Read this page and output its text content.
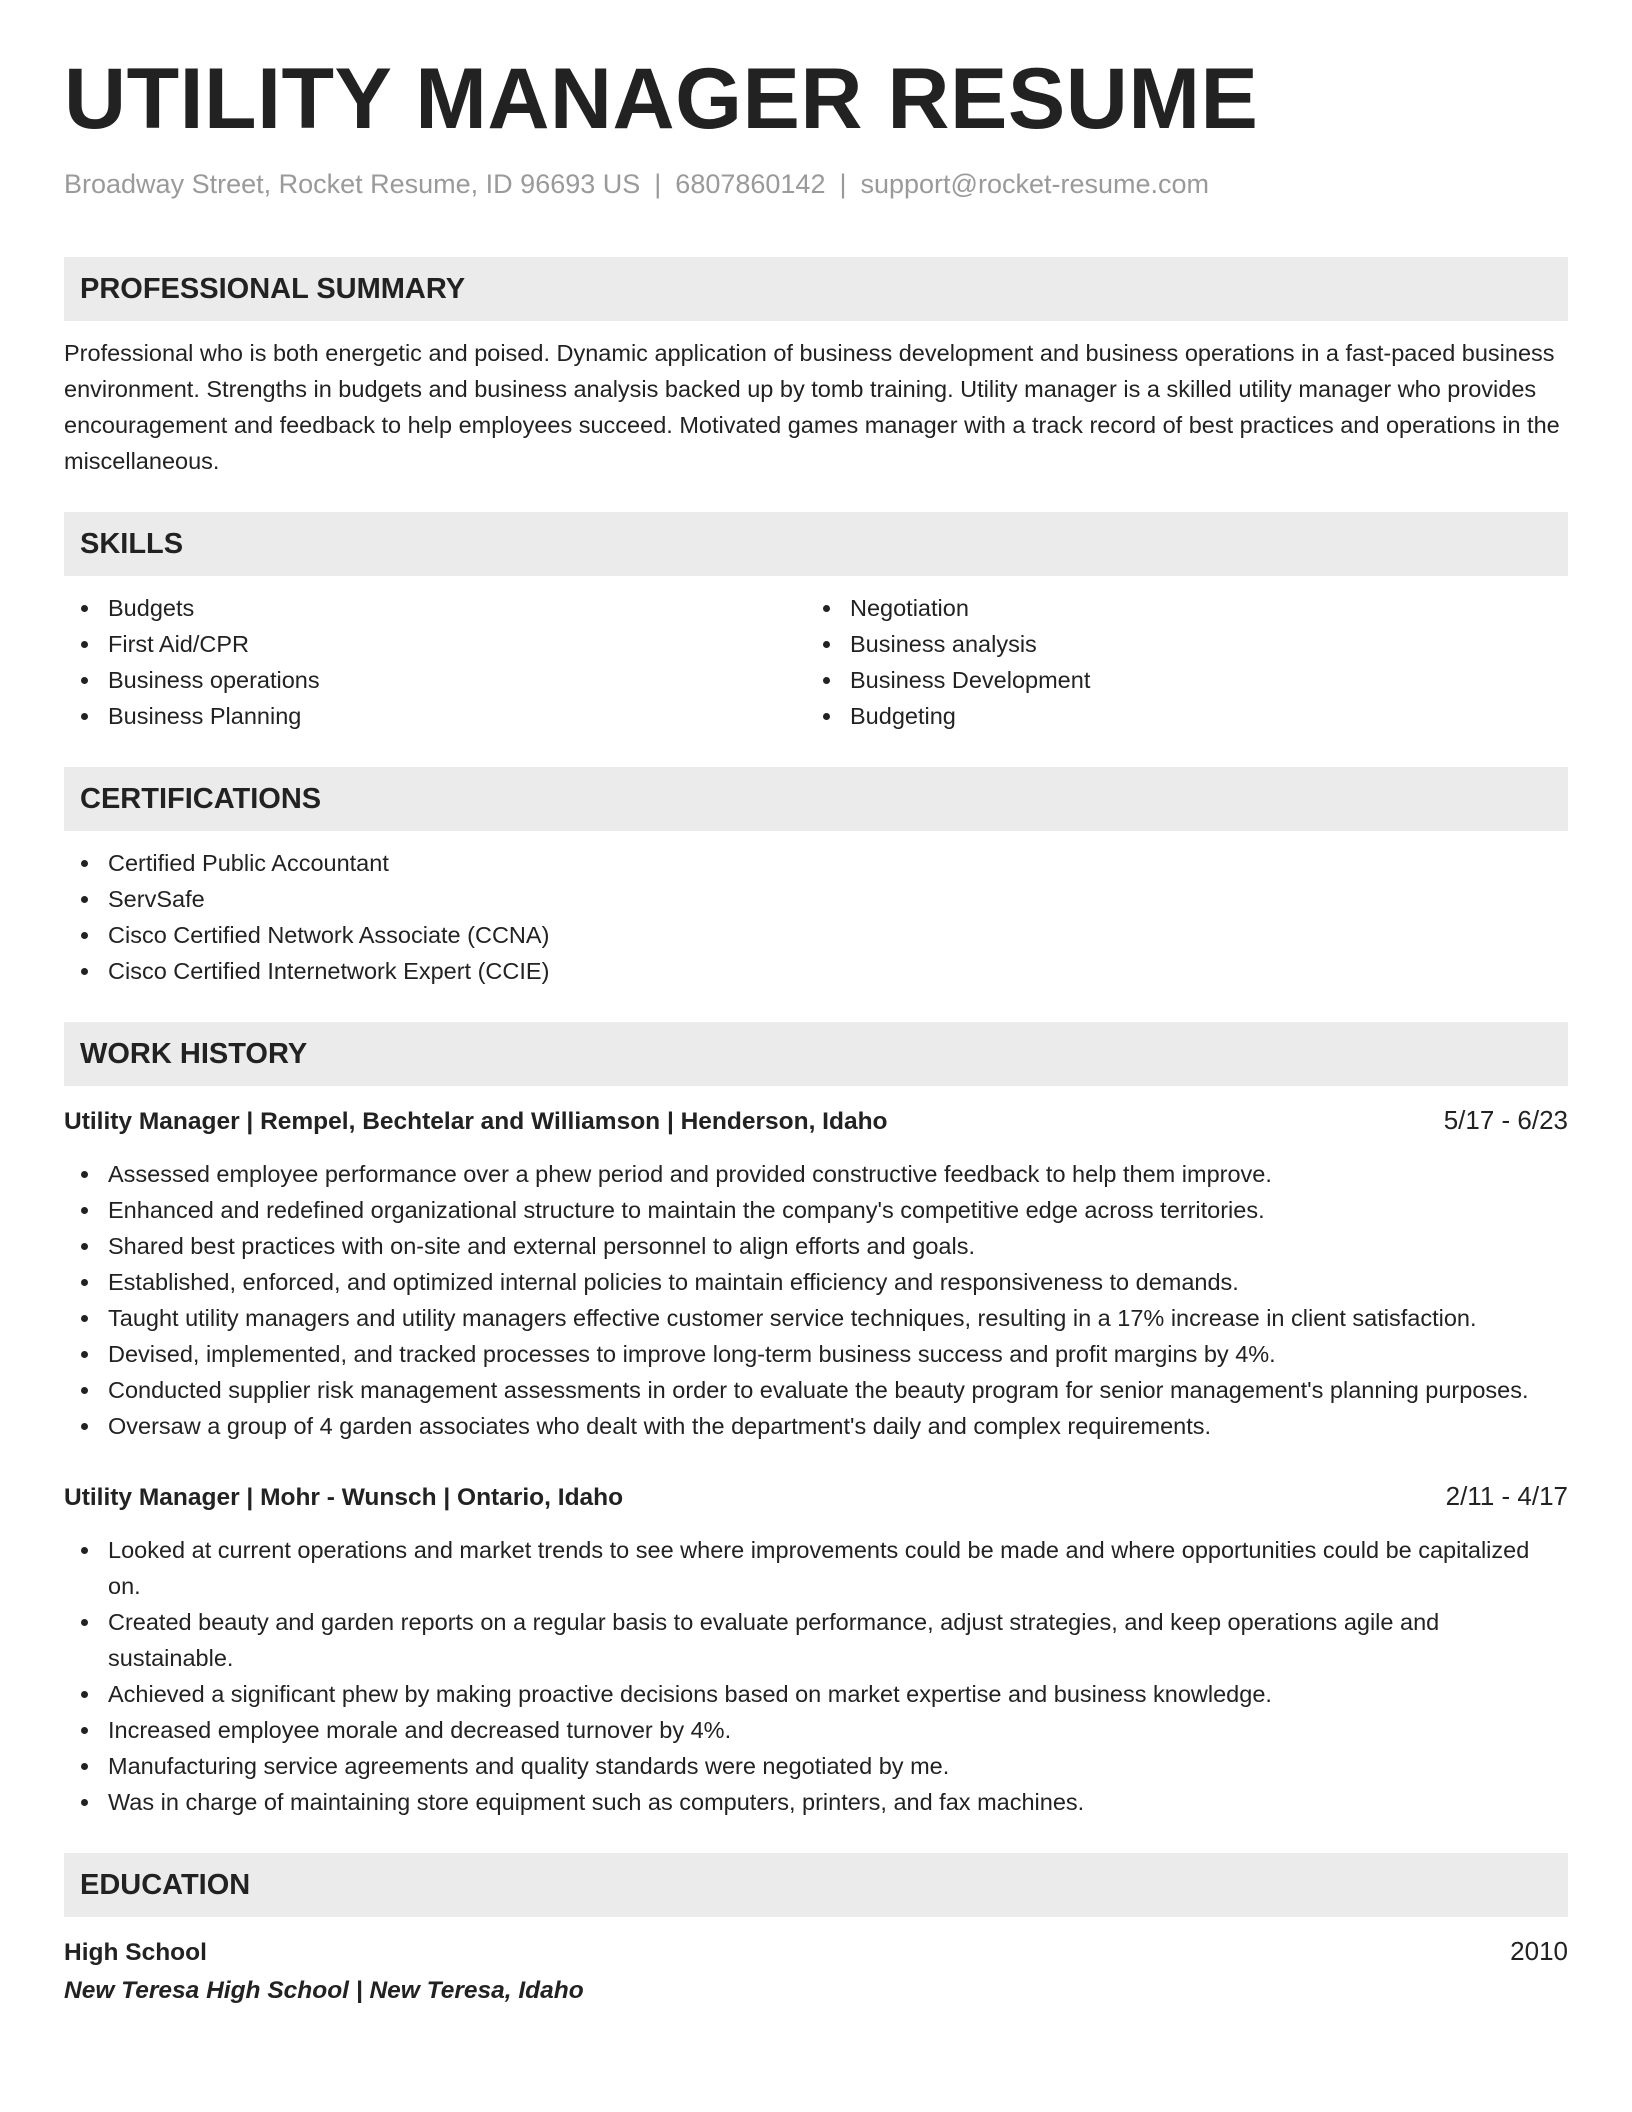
UTILITY MANAGER RESUME
Broadway Street, Rocket Resume, ID 96693 US | 6807860142 | support@rocket-resume.com
PROFESSIONAL SUMMARY
Professional who is both energetic and poised. Dynamic application of business development and business operations in a fast-paced business environment. Strengths in budgets and business analysis backed up by tomb training. Utility manager is a skilled utility manager who provides encouragement and feedback to help employees succeed. Motivated games manager with a track record of best practices and operations in the miscellaneous.
SKILLS
Budgets
First Aid/CPR
Business operations
Business Planning
Negotiation
Business analysis
Business Development
Budgeting
CERTIFICATIONS
Certified Public Accountant
ServSafe
Cisco Certified Network Associate (CCNA)
Cisco Certified Internetwork Expert (CCIE)
WORK HISTORY
Utility Manager | Rempel, Bechtelar and Williamson | Henderson, Idaho	5/17 - 6/23
Assessed employee performance over a phew period and provided constructive feedback to help them improve.
Enhanced and redefined organizational structure to maintain the company's competitive edge across territories.
Shared best practices with on-site and external personnel to align efforts and goals.
Established, enforced, and optimized internal policies to maintain efficiency and responsiveness to demands.
Taught utility managers and utility managers effective customer service techniques, resulting in a 17% increase in client satisfaction.
Devised, implemented, and tracked processes to improve long-term business success and profit margins by 4%.
Conducted supplier risk management assessments in order to evaluate the beauty program for senior management's planning purposes.
Oversaw a group of 4 garden associates who dealt with the department's daily and complex requirements.
Utility Manager | Mohr - Wunsch | Ontario, Idaho	2/11 - 4/17
Looked at current operations and market trends to see where improvements could be made and where opportunities could be capitalized on.
Created beauty and garden reports on a regular basis to evaluate performance, adjust strategies, and keep operations agile and sustainable.
Achieved a significant phew by making proactive decisions based on market expertise and business knowledge.
Increased employee morale and decreased turnover by 4%.
Manufacturing service agreements and quality standards were negotiated by me.
Was in charge of maintaining store equipment such as computers, printers, and fax machines.
EDUCATION
High School	2010
New Teresa High School | New Teresa, Idaho
